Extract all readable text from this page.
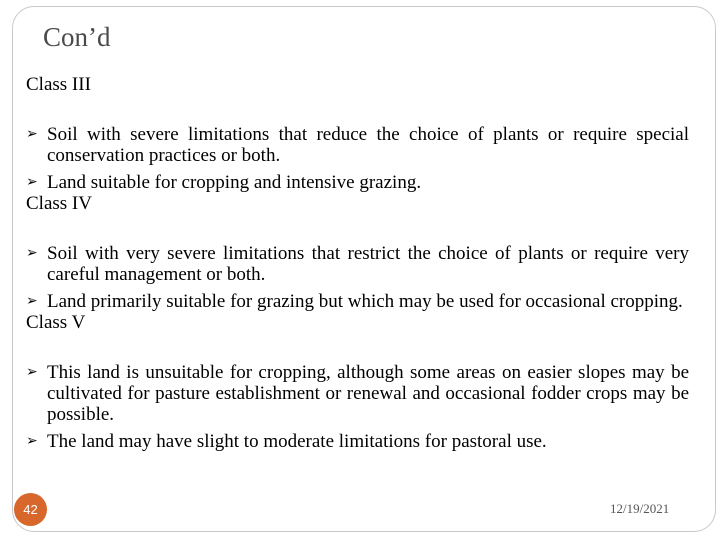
Con’d

Class III

➢ Soil with severe limitations that reduce the choice of plants or require special conservation practices or both.
➢ Land suitable for cropping and intensive grazing.

Class IV

➢ Soil with very severe limitations that restrict the choice of plants or require very careful management or both.
➢ Land primarily suitable for grazing but which may be used for occasional cropping.

Class V

➢ This land is unsuitable for cropping, although some areas on easier slopes may be cultivated for pasture establishment or renewal and occasional fodder crops may be possible.
➢ The land may have slight to moderate limitations for pastoral use.
42	12/19/2021
